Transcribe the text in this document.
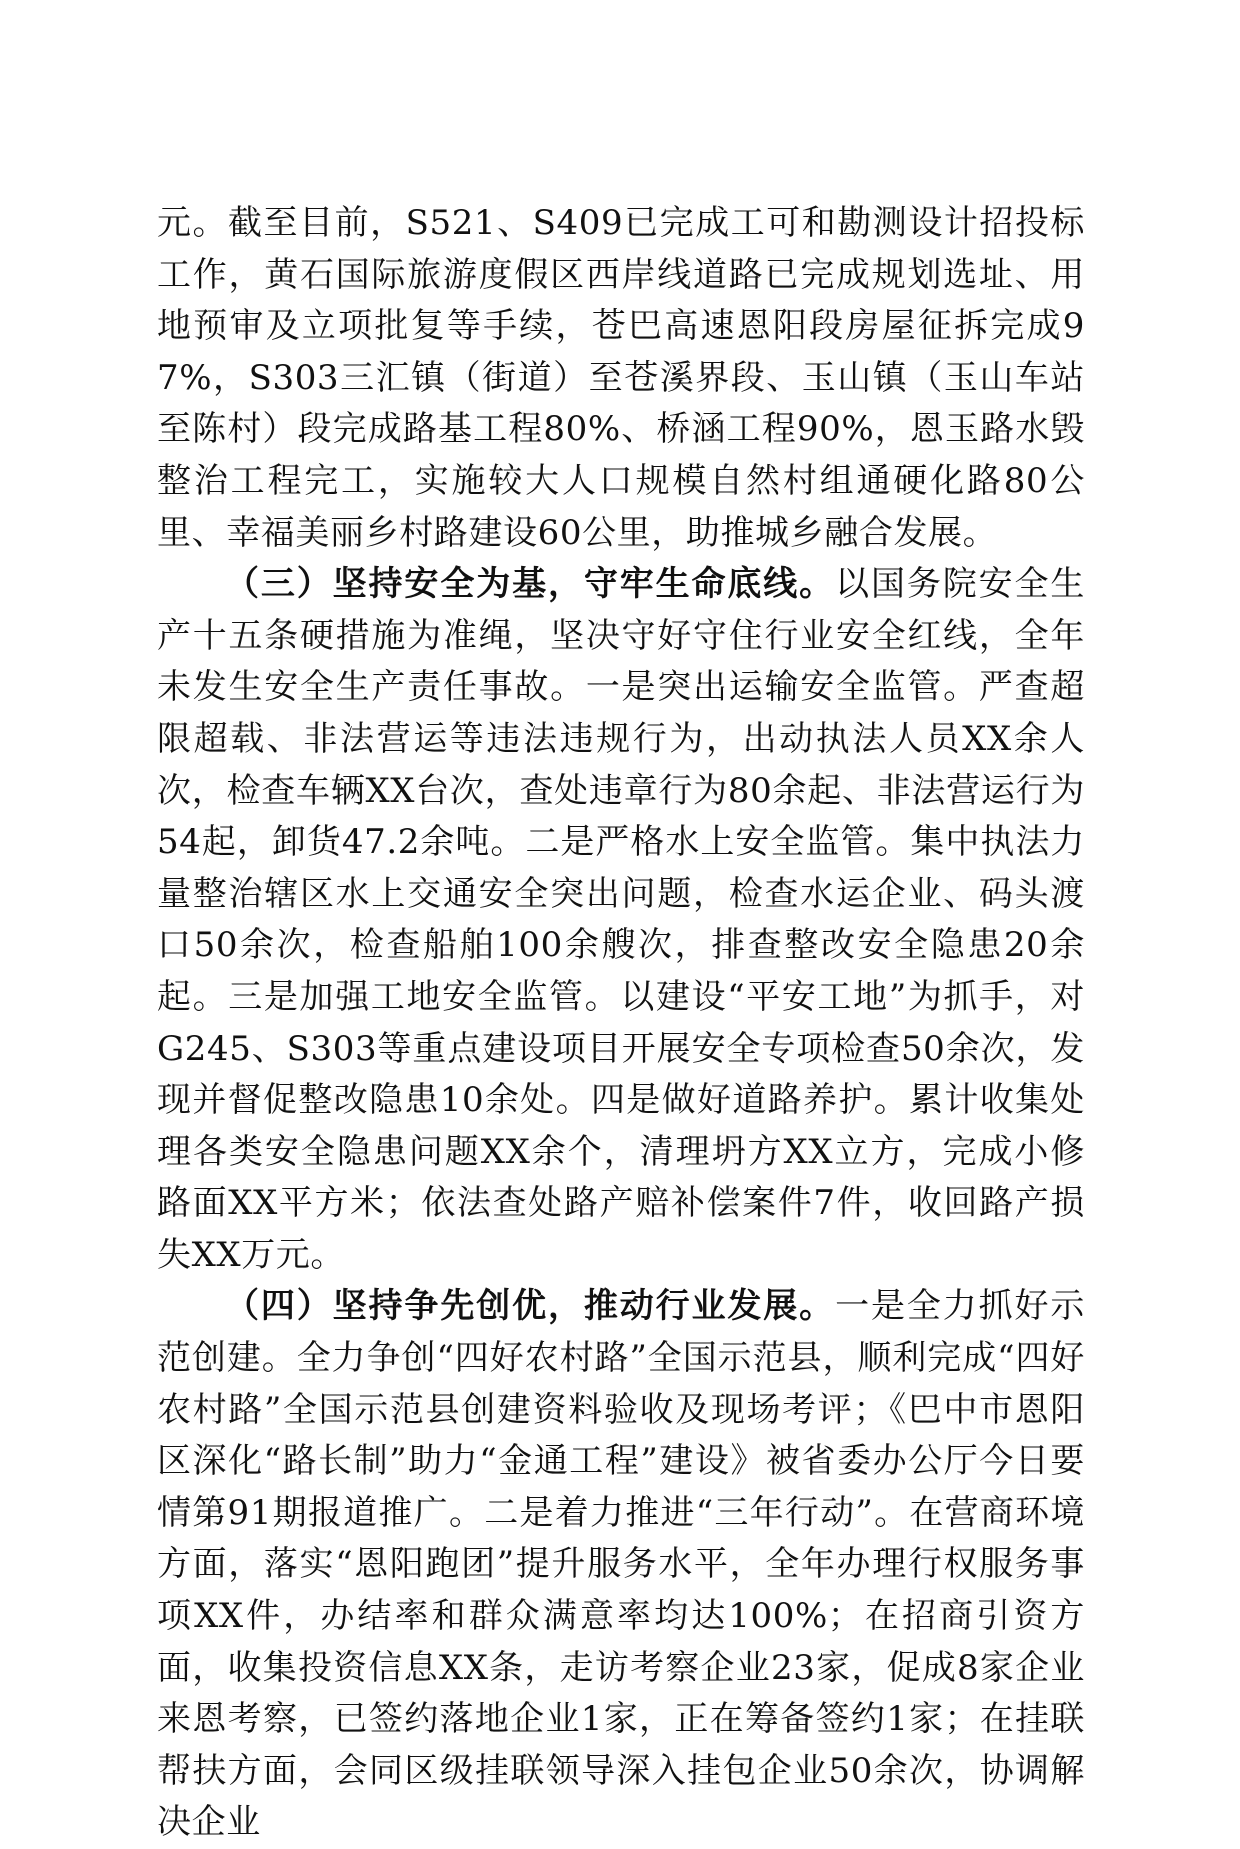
元。截至目前，S521、S409已完成工可和勘测设计招投标工作，黄石国际旅游度假区西岸线道路已完成规划选址、用地预审及立项批复等手续，苍巴高速恩阳段房屋征拆完成97%，S303三汇镇（街道）至苍溪界段、玉山镇（玉山车站至陈村）段完成路基工程80%、桥涵工程90%，恩玉路水毁整治工程完工，实施较大人口规模自然村组通硬化路80公里、幸福美丽乡村路建设60公里，助推城乡融合发展。

（三）坚持安全为基，守牢生命底线。以国务院安全生产十五条硬措施为准绳，坚决守好守住行业安全红线，全年未发生安全生产责任事故。一是突出运输安全监管。严查超限超载、非法营运等违法违规行为，出动执法人员XX余人次，检查车辆XX台次，查处违章行为80余起、非法营运行为54起，卸货47.2余吨。二是严格水上安全监管。集中执法力量整治辖区水上交通安全突出问题，检查水运企业、码头渡口50余次，检查船舶100余艘次，排查整改安全隐患20余起。三是加强工地安全监管。以建设“平安工地”为抓手，对G245、S303等重点建设项目开展安全专项检查50余次，发现并督促整改隐患10余处。四是做好道路养护。累计收集处理各类安全隐患问题XX余个，清理坍方XX立方，完成小修路面XX平方米；依法查处路产赔补偿案件7件，收回路产损失XX万元。

（四）坚持争先创优，推动行业发展。一是全力抓好示范创建。全力争创“四好农村路”全国示范县，顺利完成“四好农村路”全国示范县创建资料验收及现场考评；《巴中市恩阳区深化“路长制”助力“金通工程”建设》被省委办公厅今日要情第91期报道推广。二是着力推进“三年行动”。在营商环境方面，落实“恩阳跑团”提升服务水平，全年办理行权服务事项XX件，办结率和群众满意率均达100%；在招商引资方面，收集投资信息XX条，走访考察企业23家，促成8家企业来恩考察，已签约落地企业1家，正在筹备签约1家；在挂联帮扶方面，会同区级挂联领导深入挂包企业50余次，协调解决企业
